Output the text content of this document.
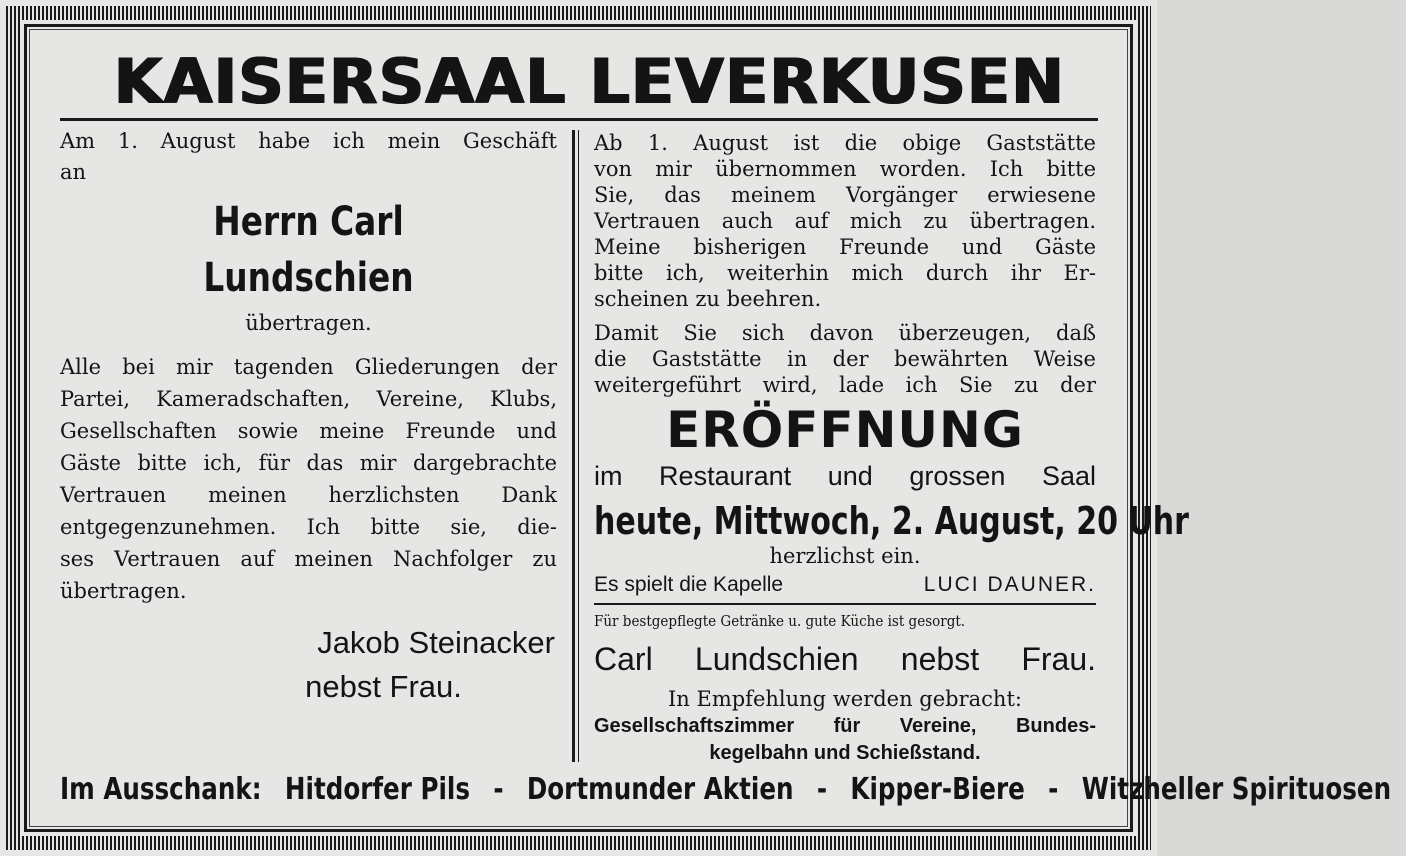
KAISERSAAL LEVERKUSEN
Am 1. August habe ich mein Geschäft
an
Herrn Carl Lundschien
übertragen.
Alle bei mir tagenden Gliederungen der
Partei, Kameradschaften, Vereine, Klubs,
Gesellschaften sowie meine Freunde und
Gäste bitte ich, für das mir dargebrachte
Vertrauen meinen herzlichsten Dank
entgegenzunehmen. Ich bitte sie, die-
ses Vertrauen auf meinen Nachfolger zu
übertragen.
Jakob Steinacker
nebst Frau.
Ab 1. August ist die obige Gaststätte
von mir übernommen worden. Ich bitte
Sie, das meinem Vorgänger erwiesene
Vertrauen auch auf mich zu übertragen.
Meine bisherigen Freunde und Gäste
bitte ich, weiterhin mich durch ihr Er-
scheinen zu beehren.
Damit Sie sich davon überzeugen, daß
die Gaststätte in der bewährten Weise
weitergeführt wird, lade ich Sie zu der
ERÖFFNUNG
im Restaurant und grossen Saal
heute, Mittwoch, 2. August, 20 Uhr
herzlichst ein.
Es spielt die Kapelle	LUCI DAUNER.
Für bestgepflegte Getränke u. gute Küche ist gesorgt.
Carl Lundschien nebst Frau.
In Empfehlung werden gebracht:
Gesellschaftszimmer für Vereine, Bundes-
kegelbahn und Schießstand.
Im Ausschank: Hitdorfer Pils - Dortmunder Aktien - Kipper-Biere - Witzheller Spirituosen
